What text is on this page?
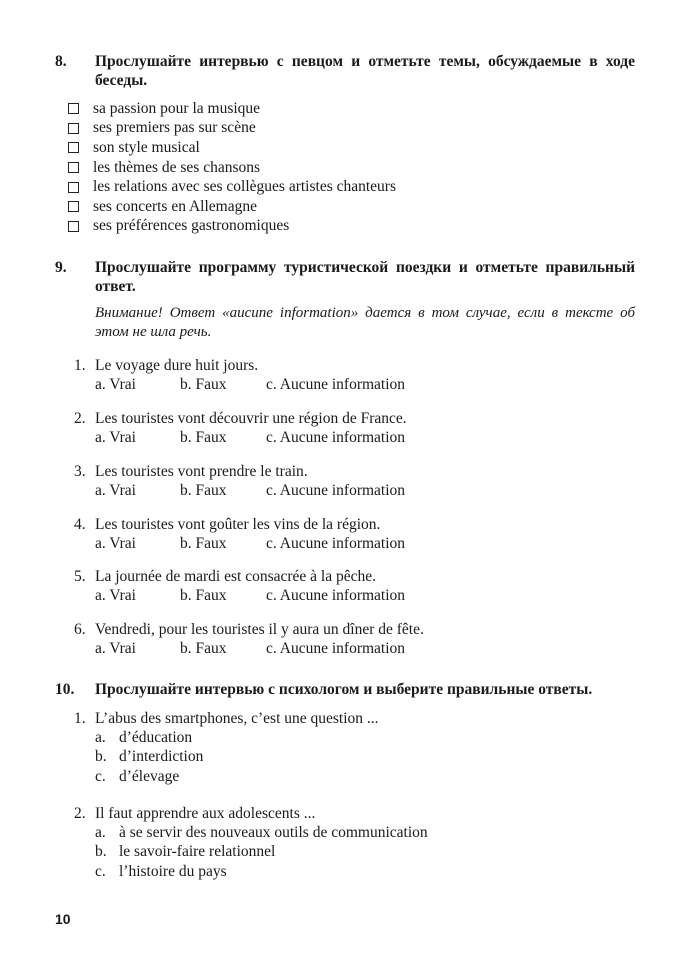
8.	Прослушайте интервью с певцом и отметьте темы, обсуждаемые в ходе беседы.
sa passion pour la musique
ses premiers pas sur scène
son style musical
les thèmes de ses chansons
les relations avec ses collègues artistes chanteurs
ses concerts en Allemagne
ses préférences gastronomiques
9.	Прослушайте программу туристической поездки и отметьте правильный ответ.
Внимание! Ответ «aucune information» дается в том случае, если в тексте об этом не шла речь.
1. Le voyage dure huit jours.
a. Vrai	b. Faux	c. Aucune information
2. Les touristes vont découvrir une région de France.
a. Vrai	b. Faux	c. Aucune information
3. Les touristes vont prendre le train.
a. Vrai	b. Faux	c. Aucune information
4. Les touristes vont goûter les vins de la région.
a. Vrai	b. Faux	c. Aucune information
5. La journée de mardi est consacrée à la pêche.
a. Vrai	b. Faux	c. Aucune information
6. Vendredi, pour les touristes il y aura un dîner de fête.
a. Vrai	b. Faux	c. Aucune information
10.	Прослушайте интервью с психологом и выберите правильные ответы.
1. L’abus des smartphones, c’est une question ...
a. d’éducation
b. d’interdiction
c. d’élevage
2. Il faut apprendre aux adolescents ...
a. à se servir des nouveaux outils de communication
b. le savoir-faire relationnel
c. l’histoire du pays
10
